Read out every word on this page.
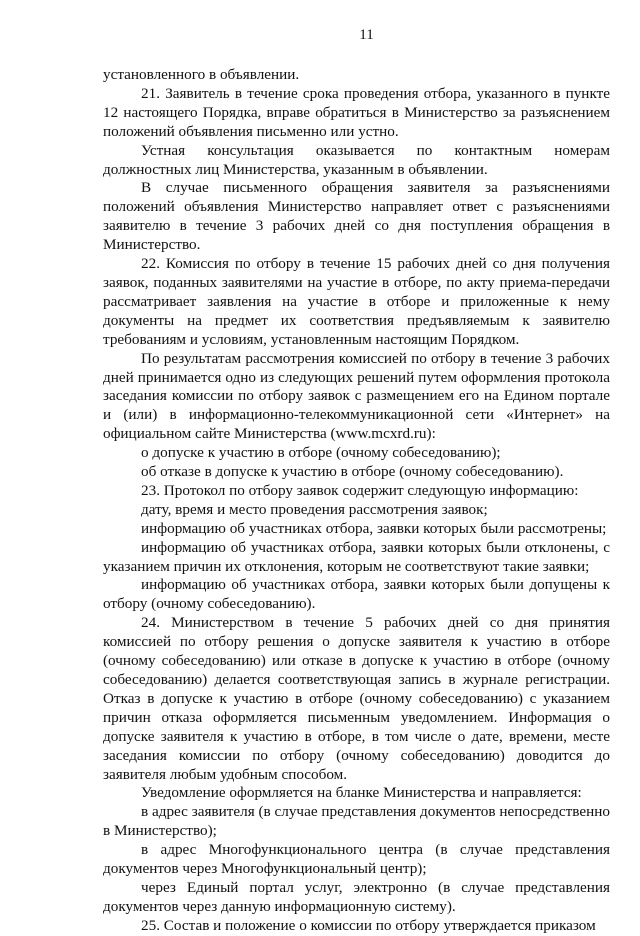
11

установленного в объявлении.

21. Заявитель в течение срока проведения отбора, указанного в пункте 12 настоящего Порядка, вправе обратиться в Министерство за разъяснением положений объявления письменно или устно.

Устная консультация оказывается по контактным номерам должностных лиц Министерства, указанным в объявлении.

В случае письменного обращения заявителя за разъяснениями положений объявления Министерство направляет ответ с разъяснениями заявителю в течение 3 рабочих дней со дня поступления обращения в Министерство.

22. Комиссия по отбору в течение 15 рабочих дней со дня получения заявок, поданных заявителями на участие в отборе, по акту приема-передачи рассматривает заявления на участие в отборе и приложенные к нему документы на предмет их соответствия предъявляемым к заявителю требованиям и условиям, установленным настоящим Порядком.

По результатам рассмотрения комиссией по отбору в течение 3 рабочих дней принимается одно из следующих решений путем оформления протокола заседания комиссии по отбору заявок с размещением его на Едином портале и (или) в информационно-телекоммуникационной сети «Интернет» на официальном сайте Министерства (www.mcxrd.ru):

о допуске к участию в отборе (очному собеседованию);

об отказе в допуске к участию в отборе (очному собеседованию).

23. Протокол по отбору заявок содержит следующую информацию:

дату, время и место проведения рассмотрения заявок;

информацию об участниках отбора, заявки которых были рассмотрены;

информацию об участниках отбора, заявки которых были отклонены, с указанием причин их отклонения, которым не соответствуют такие заявки;

информацию об участниках отбора, заявки которых были допущены к отбору (очному собеседованию).

24. Министерством в течение 5 рабочих дней со дня принятия комиссией по отбору решения о допуске заявителя к участию в отборе (очному собеседованию) или отказе в допуске к участию в отборе (очному собеседованию) делается соответствующая запись в журнале регистрации. Отказ в допуске к участию в отборе (очному собеседованию) с указанием причин отказа оформляется письменным уведомлением. Информация о допуске заявителя к участию в отборе, в том числе о дате, времени, месте заседания комиссии по отбору (очному собеседованию) доводится до заявителя любым удобным способом.

Уведомление оформляется на бланке Министерства и направляется:

в адрес заявителя (в случае представления документов непосредственно в Министерство);

в адрес Многофункционального центра (в случае представления документов через Многофункциональный центр);

через Единый портал услуг, электронно (в случае представления документов через данную информационную систему).

25. Состав и положение о комиссии по отбору утверждается приказом
